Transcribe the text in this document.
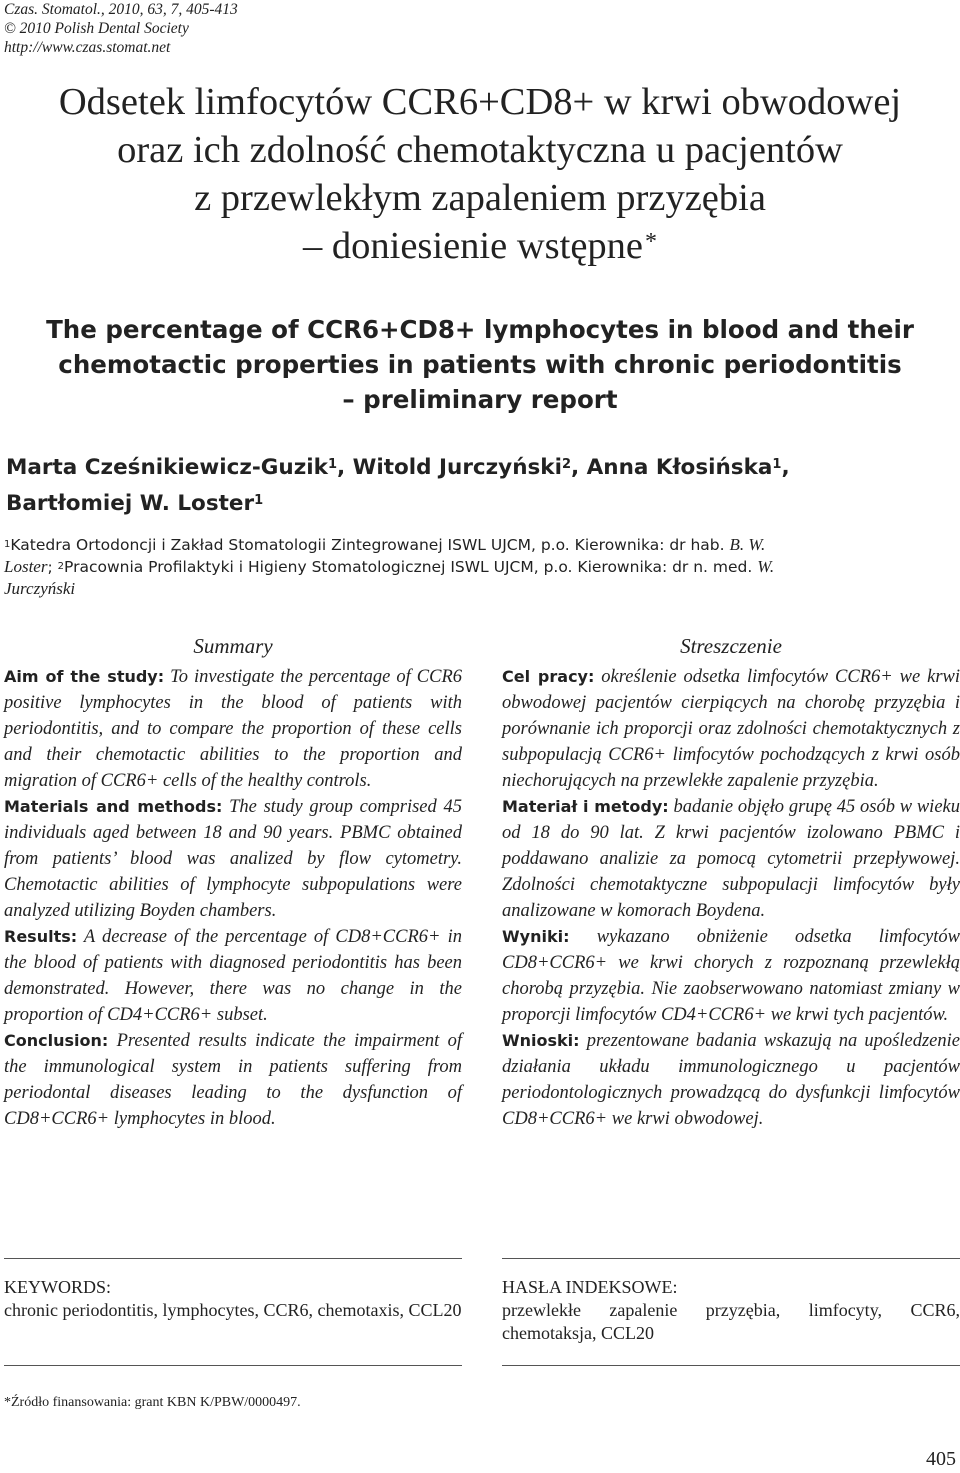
Czas. Stomatol., 2010, 63, 7, 405-413
© 2010 Polish Dental Society
http://www.czas.stomat.net
Odsetek limfocytów CCR6+CD8+ w krwi obwodowej
oraz ich zdolność chemotaktyczna u pacjentów
z przewlekłym zapaleniem przyzębia
– doniesienie wstępne*
The percentage of CCR6+CD8+ lymphocytes in blood and their
chemotactic properties in patients with chronic periodontitis
– preliminary report
Marta Cześnikiewicz-Guzik$^1$, Witold Jurczyński$^2$, Anna Kłosińska$^1$,
Bartłomiej W. Loster$^1$
$^1$Katedra Ortodoncji i Zakład Stomatologii Zintegrowanej ISWL UJCM, p.o. Kierownika: dr hab. B. W.
Loster; $^2$Pracownia Profilaktyki i Higieny Stomatologicznej ISWL UJCM, p.o. Kierownika: dr n. med. W.
Jurczyński
Summary

Aim of the study: To investigate the percentage of CCR6 positive lymphocytes in the blood of patients with periodontitis, and to compare the proportion of these cells and their chemotactic abilities to the proportion and migration of CCR6+ cells of the healthy controls.

Materials and methods: The study group comprised 45 individuals aged between 18 and 90 years. PBMC obtained from patients’ blood was analized by flow cytometry. Chemotactic abilities of lymphocyte subpopulations were analyzed utilizing Boyden chambers.

Results: A decrease of the percentage of CD8+CCR6+ in the blood of patients with diagnosed periodontitis has been demonstrated. However, there was no change in the proportion of CD4+CCR6+ subset.

Conclusion: Presented results indicate the impairment of the immunological system in patients suffering from periodontal diseases leading to the dysfunction of CD8+CCR6+ lymphocytes in blood.

Streszczenie

Cel pracy: określenie odsetka limfocytów CCR6+ we krwi obwodowej pacjentów cierpiących na chorobę przyzębia i porównanie ich proporcji oraz zdolności chemotaktycznych z subpopulacją CCR6+ limfocytów pochodzących z krwi osób niechorujących na przewlekłe zapalenie przyzębia.

Materiał i metody: badanie objęło grupę 45 osób w wieku od 18 do 90 lat. Z krwi pacjentów izolowano PBMC i poddawano analizie za pomocą cytometrii przepływowej. Zdolności chemotaktyczne subpopulacji limfocytów były analizowane w komorach Boydena.

Wyniki: wykazano obniżenie odsetka limfocytów CD8+CCR6+ we krwi chorych z rozpoznaną przewlekłą chorobą przyzębia. Nie zaobserwowano natomiast zmiany w proporcji limfocytów CD4+CCR6+ we krwi tych pacjentów.

Wnioski: prezentowane badania wskazują na upośledzenie działania układu immunologicznego u pacjentów periodontologicznych prowadzącą do dysfunkcji limfocytów CD8+CCR6+ we krwi obwodowej.

KEYWORDS:
chronic periodontitis, lymphocytes, CCR6, chemotaxis, CCL20
HASŁA INDEKSOWE:
przewlekłe zapalenie przyzębia, limfocyty, CCR6, chemotaksja, CCL20
*Źródło finansowania: grant KBN K/PBW/0000497.
405
